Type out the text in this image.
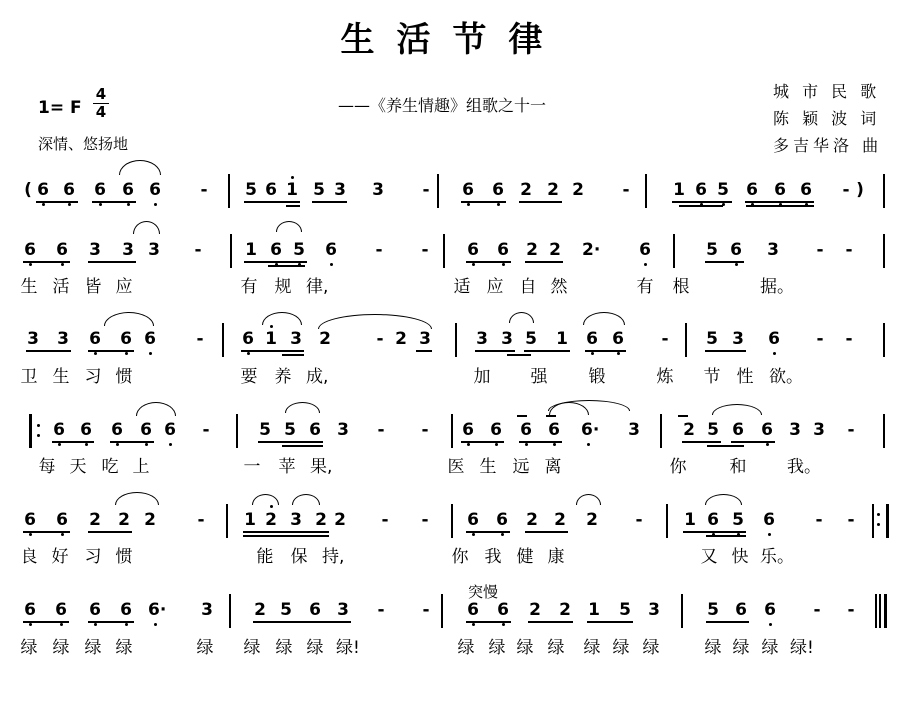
生活节律
1= F $\frac{4}{4}$	——《养生情趣》组歌之十一
城 市 民 歌
陈 颖 波 词
多吉华洛 曲
深情、悠扬地
突慢
( 6 6 6 6 6 - 5 6 1 5 3 3 - 6 6 2 2 2 -	1 6 5 6 6 6 - )
6 6 3 3 3 -	1 6 5 6 - - 6 6 2 2 2· 6	5 6 3 - -
生 活 皆 应	有 规 律,	适 应 自 然	有 根	据。
3 3 6 6 6 - 6 1 3 2	- 2 3	3 3 5 1 6 6 - 5 3 6 - -
卫 生 习 惯	要 养 成,	加 强 锻	炼 节 性 欲。
6 6 6 6 6 -	5 5 6 3 - - 6 6 6 6 6· 3	2 5 6 6 3 3 -
每 天 吃 上	一 苹 果,	医 生 远 离	你	和 我。
6 6 2 2 2 - 1 2 3 2 2 - - 6 6 2 2 2 - 1 6 5 6 - -
良 好 习 惯	能 保 持,	你 我 健 康	又 快 乐。
6 6 6 6 6· 3 2 5 6 3 - - 6 6 2 2 1 5 3	5 6 6 - -
绿 绿 绿 绿	绿 绿 绿 绿 绿!	绿 绿 绿 绿 绿 绿 绿	绿 绿 绿 绿!
